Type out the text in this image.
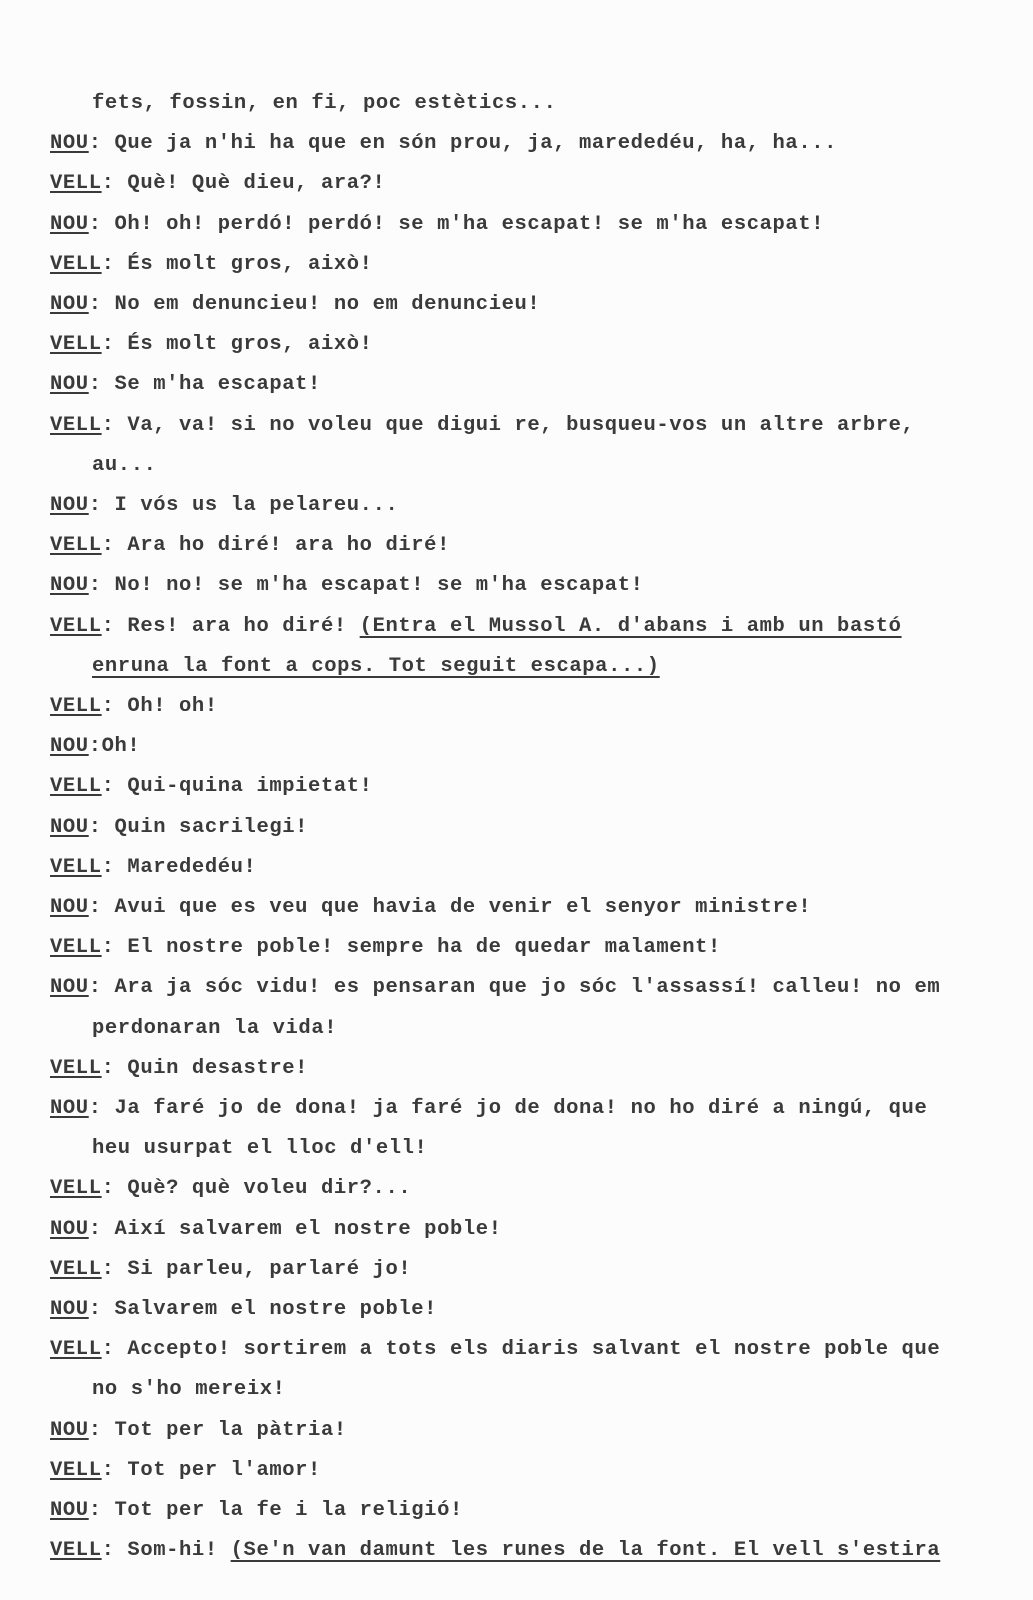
fets, fossin, en fi, poc estètics...
NOU: Que ja n'hi ha que en són prou, ja, marededéu, ha, ha...
VELL: Què! Què dieu, ara?!
NOU: Oh! oh! perdó! perdó! se m'ha escapat! se m'ha escapat!
VELL: És molt gros, això!
NOU: No em denuncieu! no em denuncieu!
VELL: És molt gros, això!
NOU: Se m'ha escapat!
VELL: Va, va! si no voleu que digui re, busqueu-vos un altre arbre,
au...
NOU: I vós us la pelareu...
VELL: Ara ho diré! ara ho diré!
NOU: No! no! se m'ha escapat! se m'ha escapat!
VELL: Res! ara ho diré! (Entra el Mussol A. d'abans i amb un bastó
enruna la font a cops. Tot seguit escapa...)
VELL: Oh! oh!
NOU:Oh!
VELL: Qui-quina impietat!
NOU: Quin sacrilegi!
VELL: Marededéu!
NOU: Avui que es veu que havia de venir el senyor ministre!
VELL: El nostre poble! sempre ha de quedar malament!
NOU: Ara ja sóc vidu! es pensaran que jo sóc l'assassí! calleu! no em
perdonaran la vida!
VELL: Quin desastre!
NOU: Ja faré jo de dona! ja faré jo de dona! no ho diré a ningú, que
heu usurpat el lloc d'ell!
VELL: Què? què voleu dir?...
NOU: Així salvarem el nostre poble!
VELL: Si parleu, parlaré jo!
NOU: Salvarem el nostre poble!
VELL: Accepto! sortirem a tots els diaris salvant el nostre poble que
no s'ho mereix!
NOU: Tot per la pàtria!
VELL: Tot per l'amor!
NOU: Tot per la fe i la religió!
VELL: Som-hi! (Se'n van damunt les runes de la font. El vell s'estira
